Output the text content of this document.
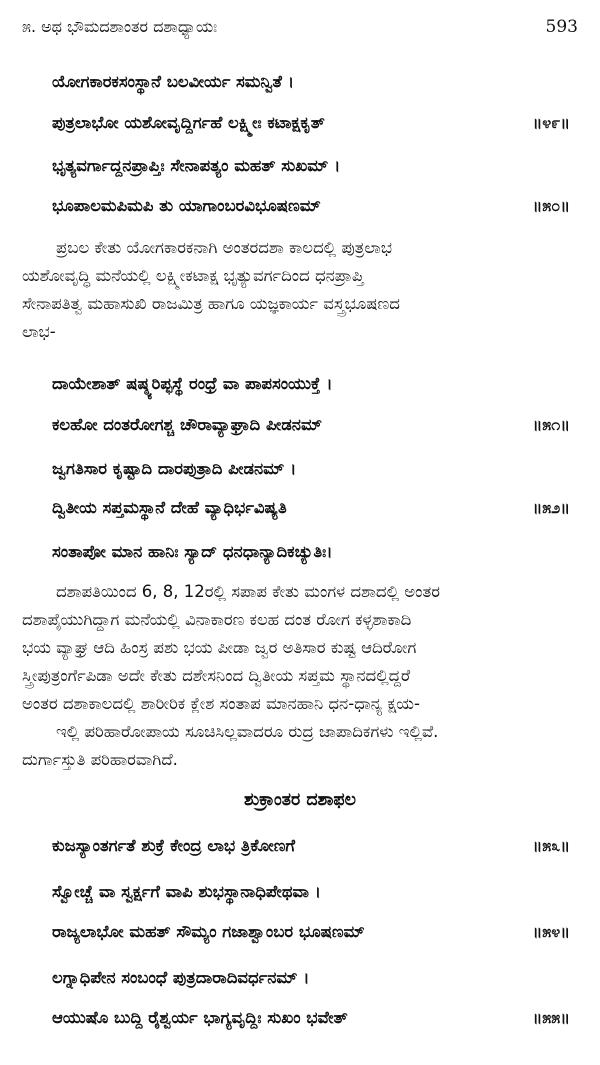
೫. ಅಥ ಭೌಮದಶಾಂತರ ದಶಾಧ್ಯಾಯಃ	593
ಯೋಗಕಾರಕಸಂಸ್ಥಾನೆ ಬಲವೀರ್ಯ ಸಮನ್ವಿತೆ ।
ಪುತ್ರಲಾಭೋ ಯಶೋವೃದ್ದಿರ್ಗಹೆ ಲಕ್ಷ್ಮೀಃ ಕಟಾಕ್ಷಕೃತ್	॥೪೯॥
ಭೃತ್ಯವರ್ಗಾದ್ದನಪ್ರಾಪ್ತಿಃ ಸೇನಾಪತ್ಯಂ ಮಹತ್ ಸುಖಮ್ ।
ಭೂಪಾಲಮಪಿಮಪಿ ತು ಯಾಗಾಂಬರವಿಭೂಷಣಮ್	॥೫೦॥
ಪ್ರಬಲ ಕೇತು ಯೋಗಕಾರಕನಾಗಿ ಅಂತರದಶಾ ಕಾಲದಲ್ಲಿ ಪುತ್ರಲಾಭ
ಯಶೋವೃದ್ಧಿ ಮನೆಯಲ್ಲಿ ಲಕ್ಷ್ಮೀಕಟಾಕ್ಷ ಭೃತ್ಯುವರ್ಗದಿಂದ ಧನಪ್ರಾಪ್ತಿ
ಸೇನಾಪತಿತ್ವ ಮಹಾಸುಖಿ ರಾಜಮಿತ್ರ ಹಾಗೂ ಯಜ್ಞಕಾರ್ಯ ವಸ್ತ್ರಭೂಷಣದ
ಲಾಭ-
ದಾಯೇಶಾತ್ ಷಷ್ಠ್ಯರಿಪ್ಫಸ್ಥೆ ರಂಧ್ರೆ ವಾ ಪಾಪಸಂಯುಕ್ತೆ ।
ಕಲಹೋ ದಂತರೋಗಶ್ಚ ಚೌರಾವ್ಯಾಘ್ರಾದಿ ಪೀಡನಮ್	॥೫೧॥
ಜ್ವಗತಿಸಾರ ಕೃಷ್ಟಾದಿ ದಾರಪುತ್ರಾದಿ ಪೀಡನಮ್ ।
ದ್ವಿತೀಯ ಸಪ್ತಮಸ್ಥಾನೆ ದೇಹೆ ವ್ಯಾಧಿರ್ಭವಿಷ್ಯತಿ	॥೫೨॥
ಸಂತಾಪೋ ಮಾನ ಹಾನಿಃ ಸ್ಯಾದ್ ಧನಧಾನ್ಯಾದಿಕಚ್ಯುತಿಃ।
ದಶಾಪತಿಯಿಂದ 6, 8, 12ರಲ್ಲಿ ಸಪಾಪ ಕೇತು ಮಂಗಳ ದಶಾದಲ್ಲಿ ಅಂತರ
ದಶಾಪೈಯುಗಿದ್ದಾಗ ಮನೆಯಲ್ಲಿ ವಿನಾಕಾರಣ ಕಲಹ ದಂತ ರೋಗ ಕಳ್ಳಶಾಕಾದಿ
ಭಯ ವ್ಯಾಘ್ರ ಆದಿ ಹಿಂಸ್ರ ಪಶು ಭಯ ಪೀಡಾ ಜ್ವರ ಅತಿಸಾರ ಕುಷ್ಟ ಆದಿರೋಗ
ಸ್ತ್ರೀಪುತ್ರಂರ್ಗೆಪಿಡಾ ಅದೇ ಕೇತು ದಶೇಸನಿಂದ ದ್ವಿತೀಯ ಸಪ್ತಮ ಸ್ಥಾನದಲ್ಲಿದ್ದರೆ
ಅಂತರ ದಶಾಕಾಲದಲ್ಲಿ ಶಾರೀರಿಕ ಕ್ಲೇಶ ಸಂತಾಪ ಮಾನಹಾನಿ ಧನ-ಧಾನ್ಯ ಕ್ಷಯ-
ಇಲ್ಲಿ ಪರಿಹಾರೋಪಾಯ ಸೂಚಿಸಿಲ್ಲವಾದರೂ ರುದ್ರ ಜಾಪಾದಿಕಗಳು ಇಲ್ಲಿವೆ.
ದುರ್ಗಾಸ್ತುತಿ ಪರಿಹಾರವಾಗಿದೆ.
ಶುಕ್ರಾಂತರ ದಶಾಫಲ
ಕುಜಸ್ಯಾಂತರ್ಗತೆ ಶುಕ್ರೆ ಕೇಂದ್ರ ಲಾಭ ತ್ರಿಕೋಣಗೆ	॥೫೩॥
ಸ್ವೋಚ್ಚೆ ವಾ ಸ್ವರ್ಕ್ಷಗೆ ವಾಪಿ ಶುಭಸ್ಥಾನಾಧಿಪೇಥವಾ ।
ರಾಜ್ಯಲಾಭೋ ಮಹತ್ ಸೌಮ್ಯಂ ಗಜಾಶ್ವಾಂಬರ ಭೂಷಣಮ್	॥೫೪॥
ಲಗ್ನಾಧಿಪೇನ ಸಂಬಂಧೆ ಪುತ್ರದಾರಾದಿವರ್ಧನಮ್ ।
ಆಯುಷೊ ಬುದ್ದಿ ರೈಶ್ವರ್ಯ ಭಾಗ್ಯವೃದ್ದಿಃ ಸುಖಂ ಭವೇತ್	॥೫೫॥
